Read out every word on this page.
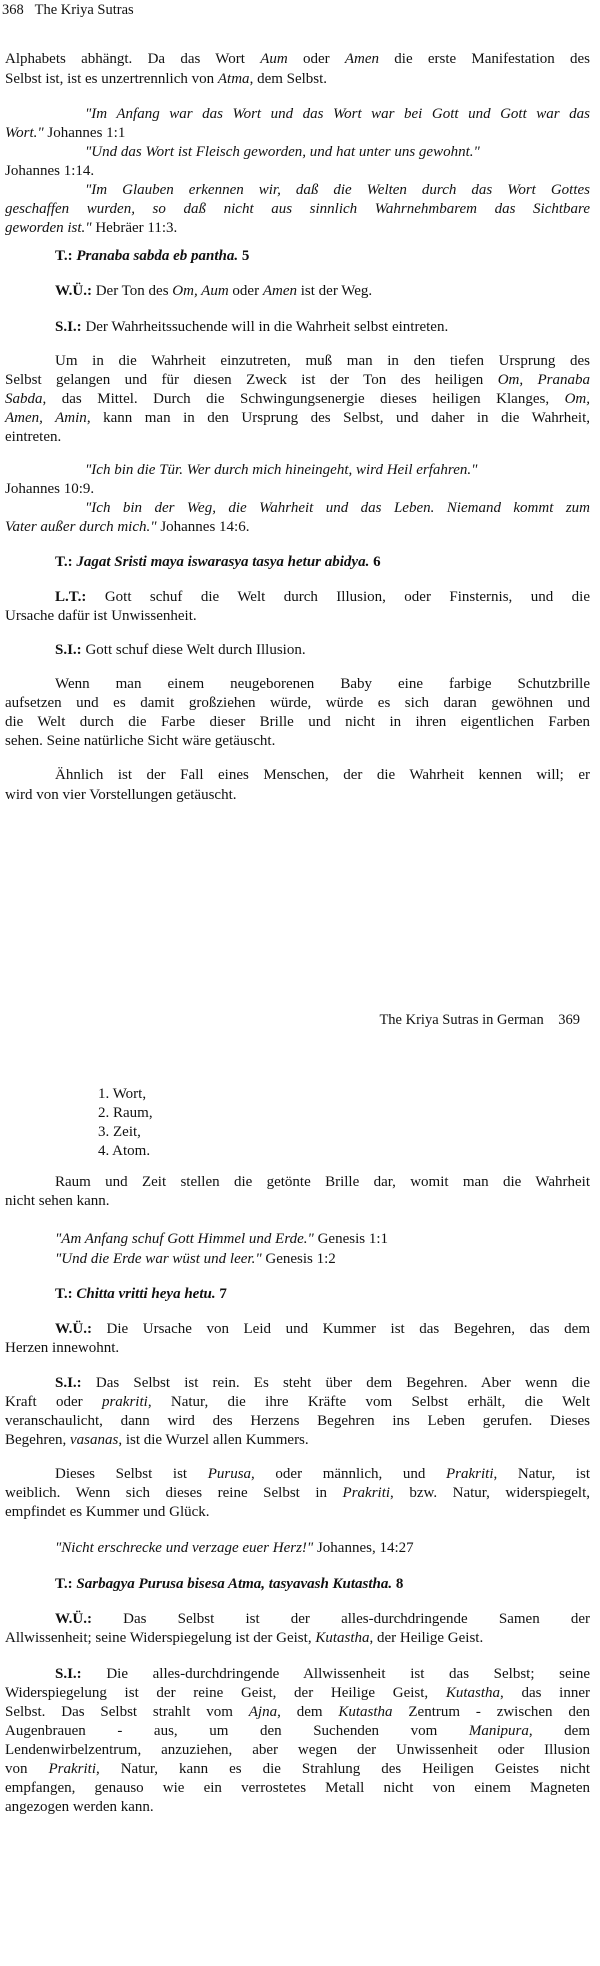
368 The Kriya Sutras
Alphabets abhängt. Da das Wort Aum oder Amen die erste Manifestation des
Selbst ist, ist es unzertrennlich von Atma, dem Selbst.
"Im Anfang war das Wort und das Wort war bei Gott und Gott war das
Wort." Johannes 1:1
"Und das Wort ist Fleisch geworden, und hat unter uns gewohnt."
Johannes 1:14.
"Im Glauben erkennen wir, daß die Welten durch das Wort Gottes
geschaffen wurden, so daß nicht aus sinnlich Wahrnehmbarem das Sichtbare
geworden ist." Hebräer 11:3.
T.: Pranaba sabda eb pantha. 5
W.Ü.: Der Ton des Om, Aum oder Amen ist der Weg.
S.I.: Der Wahrheitssuchende will in die Wahrheit selbst eintreten.
Um in die Wahrheit einzutreten, muß man in den tiefen Ursprung des
Selbst gelangen und für diesen Zweck ist der Ton des heiligen Om, Pranaba
Sabda, das Mittel. Durch die Schwingungsenergie dieses heiligen Klanges, Om,
Amen, Amin, kann man in den Ursprung des Selbst, und daher in die Wahrheit,
eintreten.
"Ich bin die Tür. Wer durch mich hineingeht, wird Heil erfahren."
Johannes 10:9.
"Ich bin der Weg, die Wahrheit und das Leben. Niemand kommt zum
Vater außer durch mich." Johannes 14:6.
T.: Jagat Sristi maya iswarasya tasya hetur abidya. 6
L.T.: Gott schuf die Welt durch Illusion, oder Finsternis, und die
Ursache dafür ist Unwissenheit.
S.I.: Gott schuf diese Welt durch Illusion.
Wenn man einem neugeborenen Baby eine farbige Schutzbrille
aufsetzen und es damit großziehen würde, würde es sich daran gewöhnen und
die Welt durch die Farbe dieser Brille und nicht in ihren eigentlichen Farben
sehen. Seine natürliche Sicht wäre getäuscht.
Ähnlich ist der Fall eines Menschen, der die Wahrheit kennen will; er
wird von vier Vorstellungen getäuscht.
The Kriya Sutras in German 369
1. Wort,
2. Raum,
3. Zeit,
4. Atom.
Raum und Zeit stellen die getönte Brille dar, womit man die Wahrheit
nicht sehen kann.
"Am Anfang schuf Gott Himmel und Erde." Genesis 1:1
"Und die Erde war wüst und leer." Genesis 1:2
T.: Chitta vritti heya hetu. 7
W.Ü.: Die Ursache von Leid und Kummer ist das Begehren, das dem
Herzen innewohnt.
S.I.: Das Selbst ist rein. Es steht über dem Begehren. Aber wenn die
Kraft oder prakriti, Natur, die ihre Kräfte vom Selbst erhält, die Welt
veranschaulicht, dann wird des Herzens Begehren ins Leben gerufen. Dieses
Begehren, vasanas, ist die Wurzel allen Kummers.
Dieses Selbst ist Purusa, oder männlich, und Prakriti, Natur, ist
weiblich. Wenn sich dieses reine Selbst in Prakriti, bzw. Natur, widerspiegelt,
empfindet es Kummer und Glück.
"Nicht erschrecke und verzage euer Herz!" Johannes, 14:27
T.: Sarbagya Purusa bisesa Atma, tasyavash Kutastha. 8
W.Ü.: Das Selbst ist der alles-durchdringende Samen der
Allwissenheit; seine Widerspiegelung ist der Geist, Kutastha, der Heilige Geist.
S.I.: Die alles-durchdringende Allwissenheit ist das Selbst; seine
Widerspiegelung ist der reine Geist, der Heilige Geist, Kutastha, das inner
Selbst. Das Selbst strahlt vom Ajna, dem Kutastha Zentrum - zwischen den
Augenbrauen - aus, um den Suchenden vom Manipura, dem
Lendenwirbelzentrum, anzuziehen, aber wegen der Unwissenheit oder Illusion
von Prakriti, Natur, kann es die Strahlung des Heiligen Geistes nicht
empfangen, genauso wie ein verrostetes Metall nicht von einem Magneten
angezogen werden kann.
